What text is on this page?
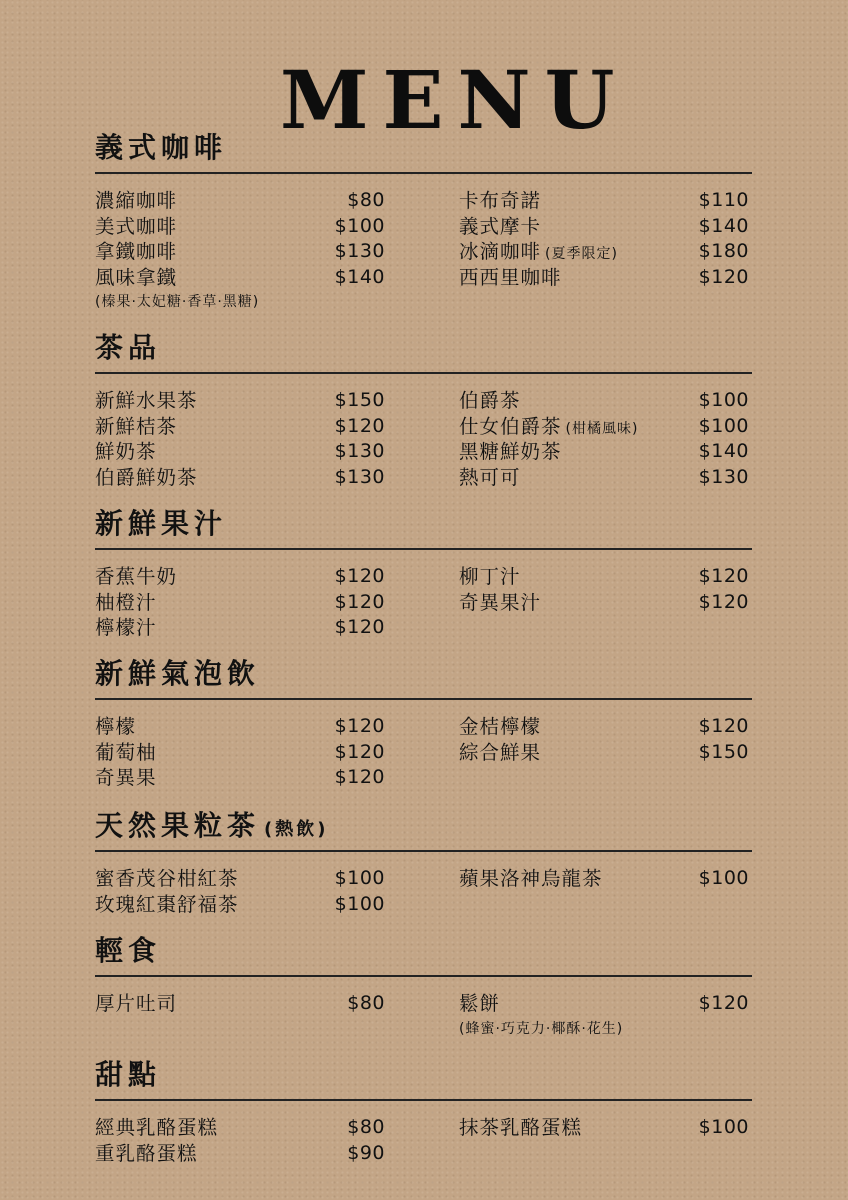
MENU
義式咖啡
濃縮咖啡	$80
美式咖啡	$100
拿鐵咖啡	$130
風味拿鐵	$140
(榛果·太妃糖·香草·黑糖)
卡布奇諾	$110
義式摩卡	$140
冰滴咖啡 (夏季限定)	$180
西西里咖啡	$120
茶品
新鮮水果茶	$150
新鮮桔茶	$120
鮮奶茶	$130
伯爵鮮奶茶	$130
伯爵茶	$100
仕女伯爵茶 (柑橘風味)	$100
黑糖鮮奶茶	$140
熱可可	$130
新鮮果汁
香蕉牛奶	$120
柚橙汁	$120
檸檬汁	$120
柳丁汁	$120
奇異果汁	$120
新鮮氣泡飲
檸檬	$120
葡萄柚	$120
奇異果	$120
金桔檸檬	$120
綜合鮮果	$150
天然果粒茶 (熱飲)
蜜香茂谷柑紅茶	$100
玫瑰紅棗舒福茶	$100
蘋果洛神烏龍茶	$100
輕食
厚片吐司	$80	鬆餅	$120
(蜂蜜·巧克力·椰酥·花生)
甜點
經典乳酪蛋糕	$80
重乳酪蛋糕	$90
抹茶乳酪蛋糕	$100
